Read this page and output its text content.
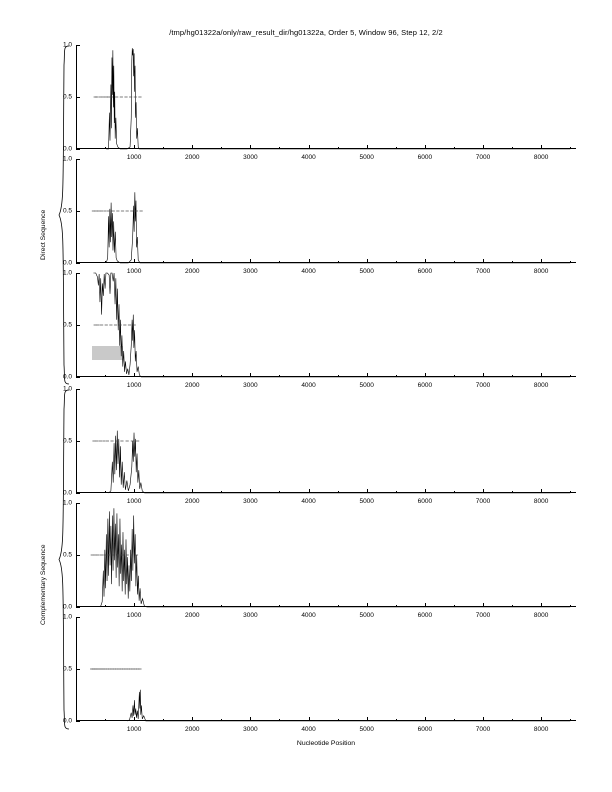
/tmp/hg01322a/only/raw_result_dir/hg01322a, Order 5, Window 96, Step 12, 2/2
Direct Sequence
Complementary Sequence
Nucleotide Position
1000	2000	3000	4000	5000	6000	7000	8000
0.0
0.5
1.0
1000	2000	3000	4000	5000	6000	7000	8000
0.0
0.5
1.0
1000	2000	3000	4000	5000	6000	7000	8000
0.0
0.5
1.0
1000	2000	3000	4000	5000	6000	7000	8000
0.0
0.5
1.0
1000	2000	3000	4000	5000	6000	7000	8000
0.0
0.5
1.0
1000	2000	3000	4000	5000	6000	7000	8000
0.0
0.5
1.0
